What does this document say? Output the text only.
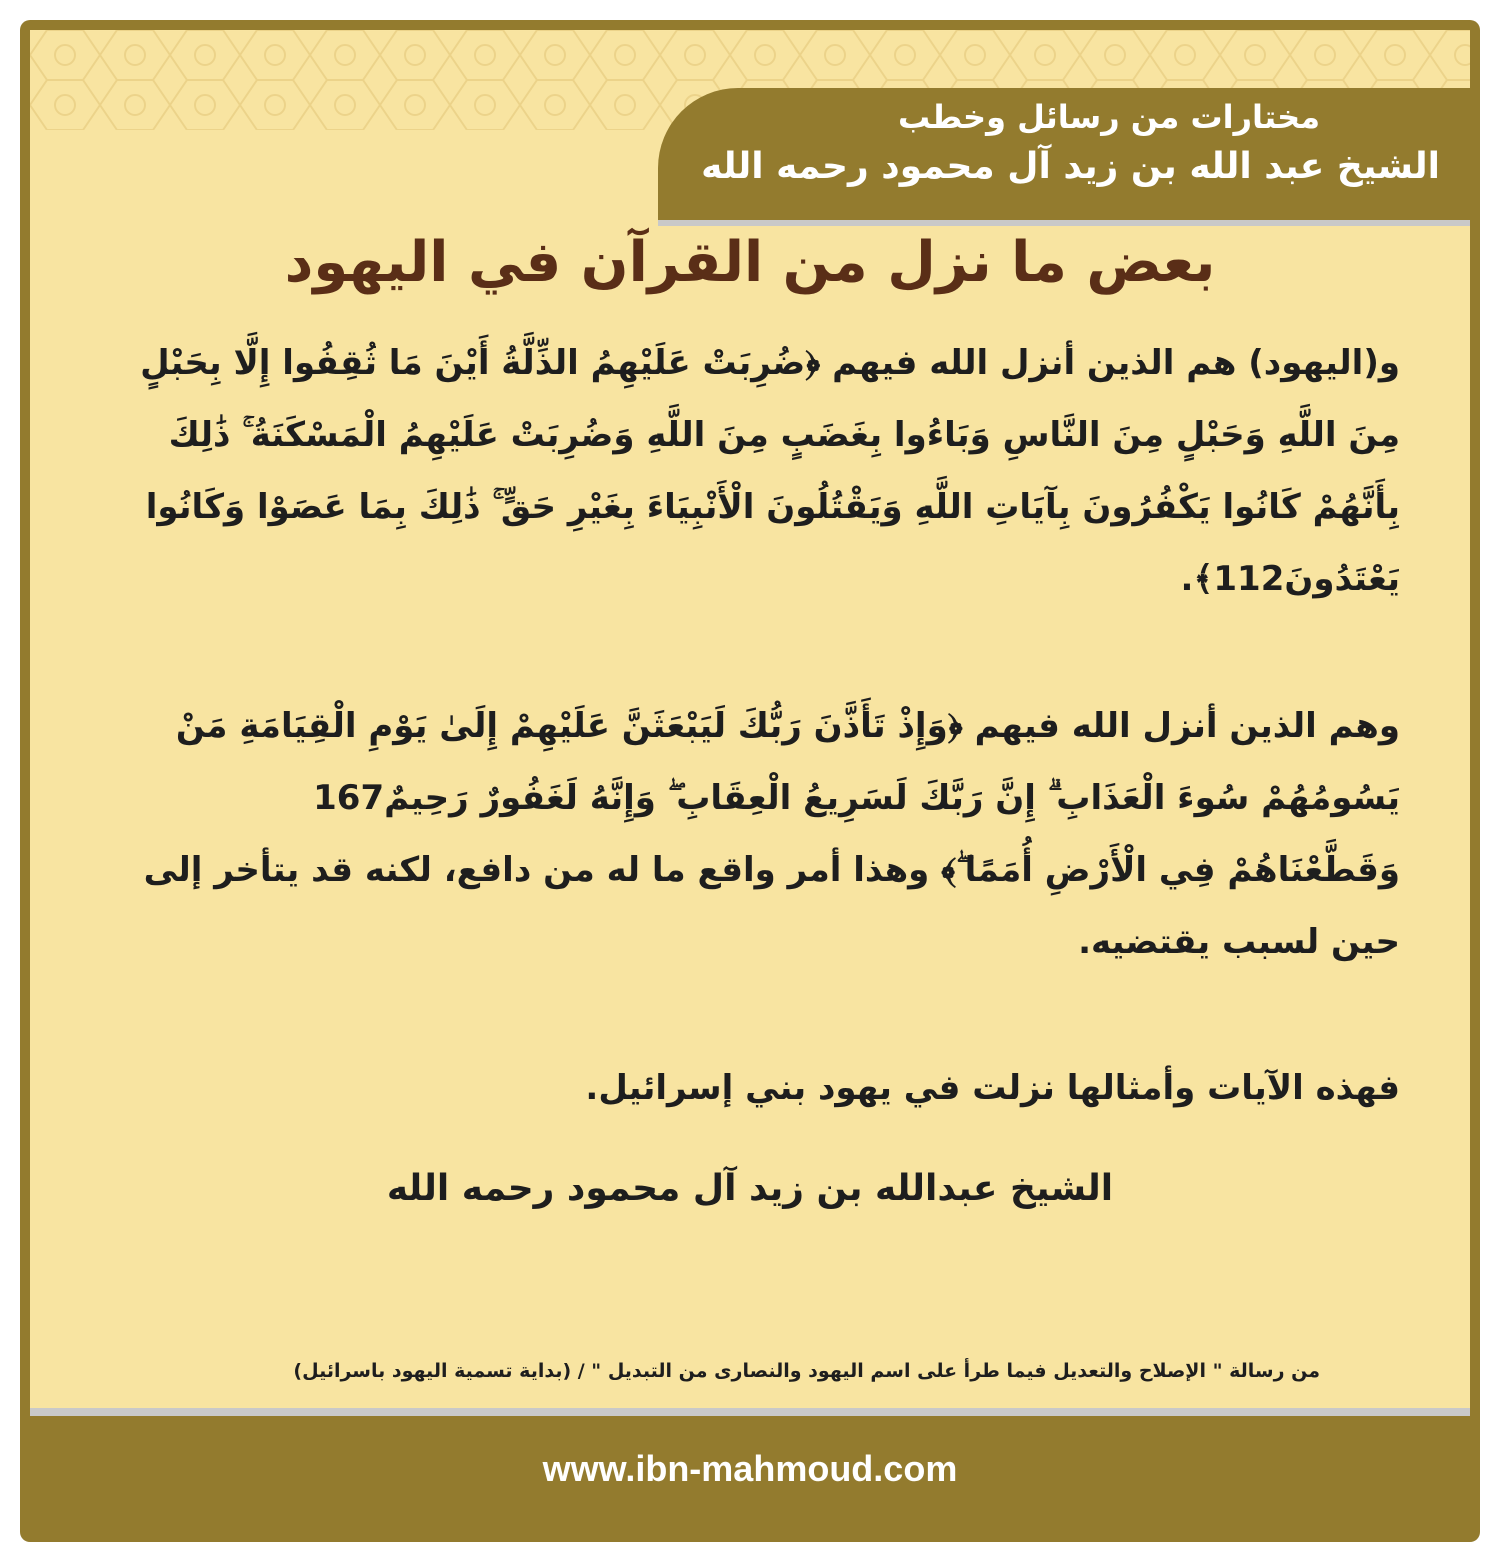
مختارات من رسائل وخطب
الشيخ عبد الله بن زيد آل محمود رحمه الله
بعض ما نزل من القرآن في اليهود
و(اليهود) هم الذين أنزل الله فيهم ﴿ضُرِبَتْ عَلَيْهِمُ الذِّلَّةُ أَيْنَ مَا ثُقِفُوا إِلَّا بِحَبْلٍ مِنَ اللَّهِ وَحَبْلٍ مِنَ النَّاسِ وَبَاءُوا بِغَضَبٍ مِنَ اللَّهِ وَضُرِبَتْ عَلَيْهِمُ الْمَسْكَنَةُ ۚ ذَٰلِكَ بِأَنَّهُمْ كَانُوا يَكْفُرُونَ بِآيَاتِ اللَّهِ وَيَقْتُلُونَ الْأَنْبِيَاءَ بِغَيْرِ حَقٍّ ۚ ذَٰلِكَ بِمَا عَصَوْا وَكَانُوا يَعْتَدُونَ112﴾.
وهم الذين أنزل الله فيهم ﴿وَإِذْ تَأَذَّنَ رَبُّكَ لَيَبْعَثَنَّ عَلَيْهِمْ إِلَىٰ يَوْمِ الْقِيَامَةِ مَنْ يَسُومُهُمْ سُوءَ الْعَذَابِ ۗ إِنَّ رَبَّكَ لَسَرِيعُ الْعِقَابِ ۖ وَإِنَّهُ لَغَفُورٌ رَحِيمٌ167 وَقَطَّعْنَاهُمْ فِي الْأَرْضِ أُمَمًا ۖ﴾ وهذا أمر واقع ما له من دافع، لكنه قد يتأخر إلى حين لسبب يقتضيه.
فهذه الآيات وأمثالها نزلت في يهود بني إسرائيل.
من رسالة " الإصلاح والتعديل فيما طرأ على اسم اليهود والنصارى من التبديل " / (بداية تسمية اليهود باسرائيل)
www.ibn-mahmoud.com
الشيخ عبدالله بن زيد آل محمود رحمه الله
